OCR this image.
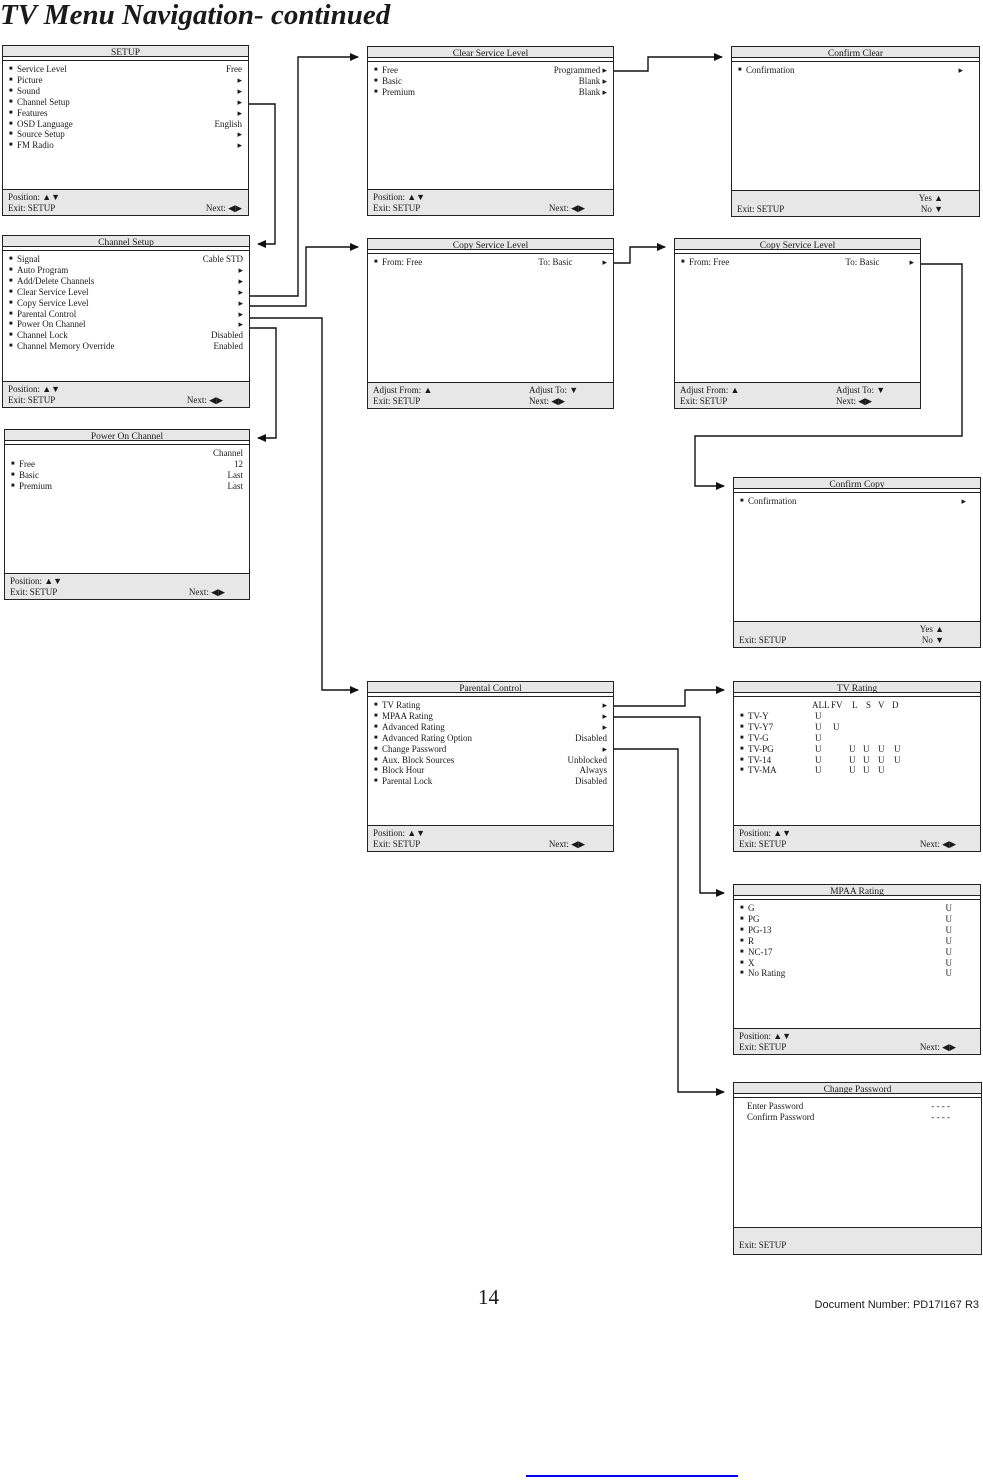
TV Menu Navigation- continued
SETUP
■ Service Level	Free
■ Picture	▸
■ Sound	▸
■ Channel Setup	▸
■ Features	▸
■ OSD Language	English
■ Source Setup	▸
■ FM Radio	▸
Position: ▲▼
Exit: SETUP	Next: ◀▶
Channel Setup
■ Signal	Cable STD
■ Auto Program	▸
■ Add/Delete Channels	▸
■ Clear Service Level	▸
■ Copy Service Level	▸
■ Parental Control	▸
■ Power On Channel	▸
■ Channel Lock	Disabled
■ Channel Memory Override	Enabled
Position: ▲▼
Exit: SETUP	Next: ◀▶
Power On Channel
Channel
■ Free	12
■ Basic	Last
■ Premium	Last
Position: ▲▼
Exit: SETUP	Next: ◀▶
Clear Service Level
■ Free	Programmed ▸
■ Basic	Blank ▸
■ Premium	Blank ▸
Position: ▲▼
Exit: SETUP	Next: ◀▶
Confirm Clear
■ Confirmation	▸
Yes ▲
Exit: SETUP	No ▼
Copy Service Level
■ From: Free	To: Basic	▸
Adjust From: ▲	Adjust To: ▼
Exit: SETUP	Next: ◀▶
Copy Service Level
■ From: Free	To: Basic	▸
Adjust From: ▲	Adjust To: ▼
Exit: SETUP	Next: ◀▶
Confirm Copy
■ Confirmation	▸
Yes ▲
Exit: SETUP	No ▼
Parental Control
■ TV Rating	▸
■ MPAA Rating	▸
■ Advanced Rating	▸
■ Advanced Rating Option	Disabled
■ Change Password	▸
■ Aux. Block Sources	Unblocked
■ Block Hour	Always
■ Parental Lock	Disabled
Position: ▲▼
Exit: SETUP	Next: ◀▶
TV Rating
ALL FV L S V D
■ TV-Y	U
■ TV-Y7	U U
■ TV-G	U
■ TV-PG	U	U U U U
■ TV-14	U	U U U U
■ TV-MA	U	U U U
Position: ▲▼
Exit: SETUP	Next: ◀▶
MPAA Rating
■ G	U
■ PG	U
■ PG-13	U
■ R	U
■ NC-17	U
■ X	U
■ No Rating	U
Position: ▲▼
Exit: SETUP	Next: ◀▶
Change Password
Enter Password	- - - -
Confirm Password	- - - -
Exit: SETUP
14	Document Number: PD17I167 R3
